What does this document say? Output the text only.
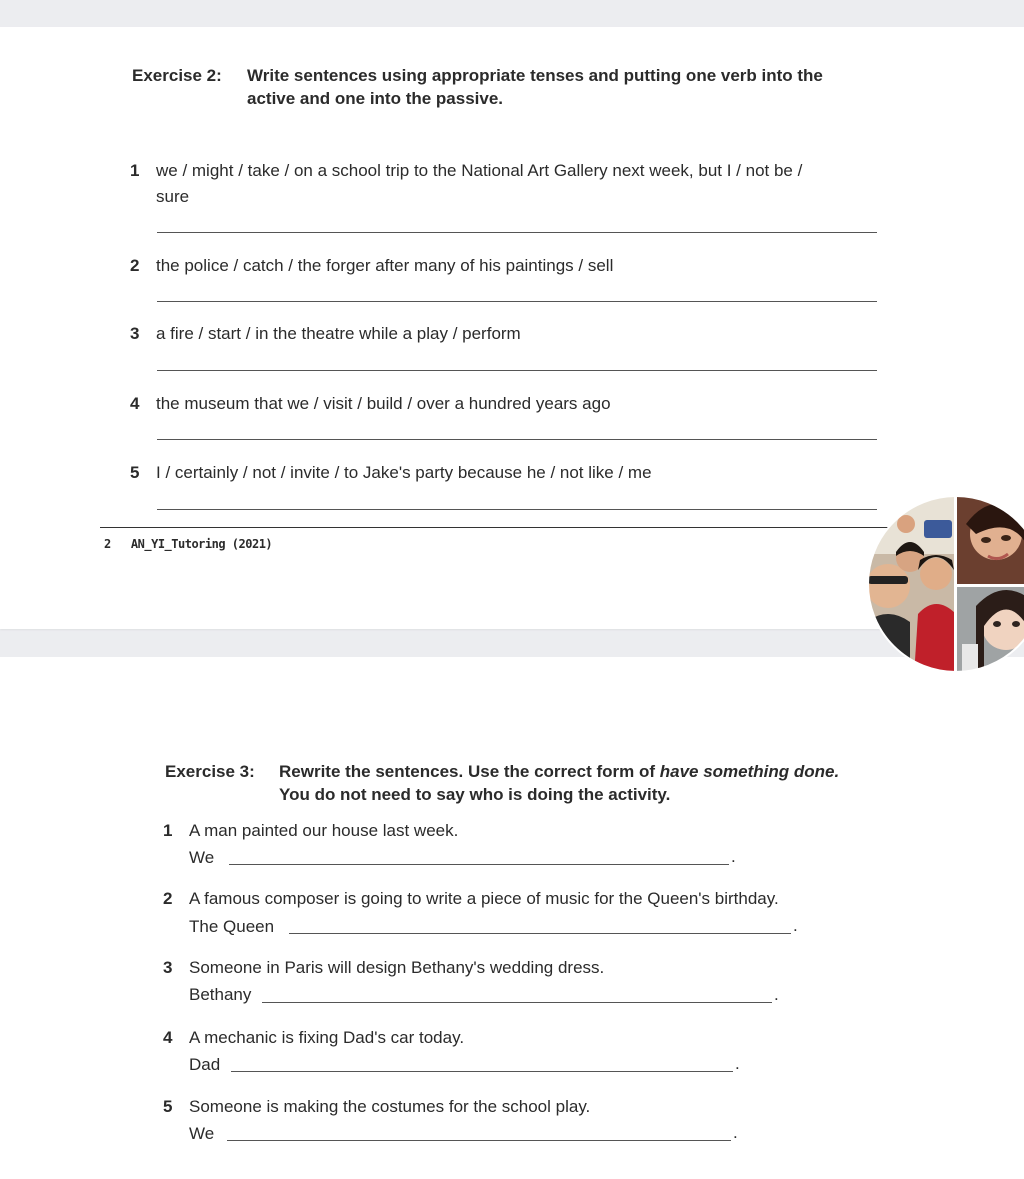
Exercise 2: Write sentences using appropriate tenses and putting one verb into the
active and one into the passive.
1 we / might / take / on a school trip to the National Art Gallery next week, but I / not be /
sure
2 the police / catch / the forger after many of his paintings / sell
3 a fire / start / in the theatre while a play / perform
4 the museum that we / visit / build / over a hundred years ago
5 I / certainly / not / invite / to Jake's party because he / not like / me
2 AN_YI_Tutoring (2021)
Exercise 3: Rewrite the sentences. Use the correct form of have something done.
You do not need to say who is doing the activity.
1 A man painted our house last week.
We	.
2 A famous composer is going to write a piece of music for the Queen's birthday.
The Queen	.
3 Someone in Paris will design Bethany's wedding dress.
Bethany	.
4 A mechanic is fixing Dad's car today.
Dad	.
5 Someone is making the costumes for the school play.
We	.
